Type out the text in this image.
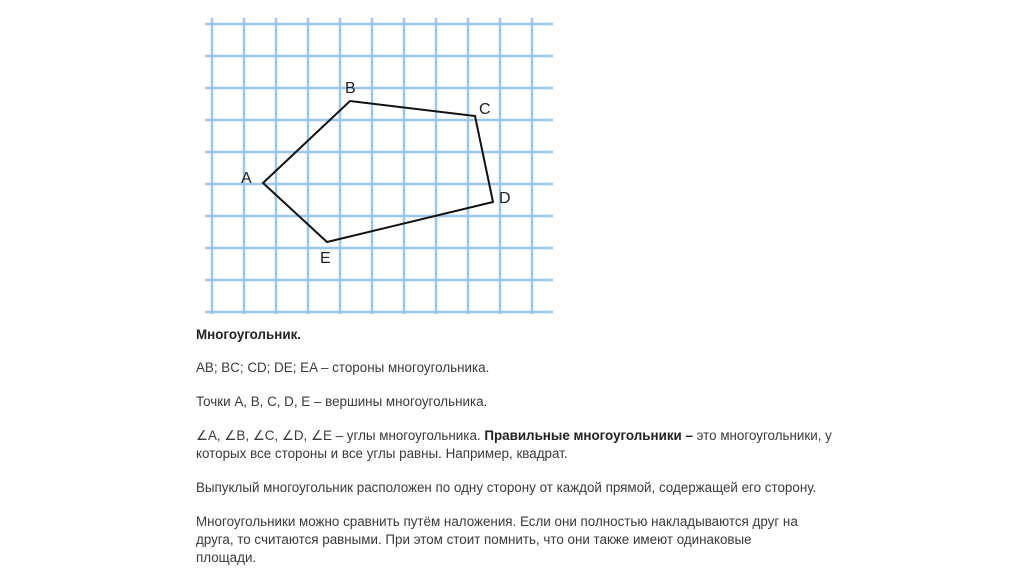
A
B
C
D
E

Многоугольник.

AB; BC; CD; DE; EA – стороны многоугольника.

Точки A, B, C, D, E – вершины многоугольника.

∠A, ∠B, ∠C, ∠D, ∠E – углы многоугольника. Правильные многоугольники – это многоугольники, у

которых все стороны и все углы равны. Например, квадрат.

Выпуклый многоугольник расположен по одну сторону от каждой прямой, содержащей его сторону.

Многоугольники можно сравнить путём наложения. Если они полностью накладываются друг на

друга, то считаются равными. При этом стоит помнить, что они также имеют одинаковые

площади.
